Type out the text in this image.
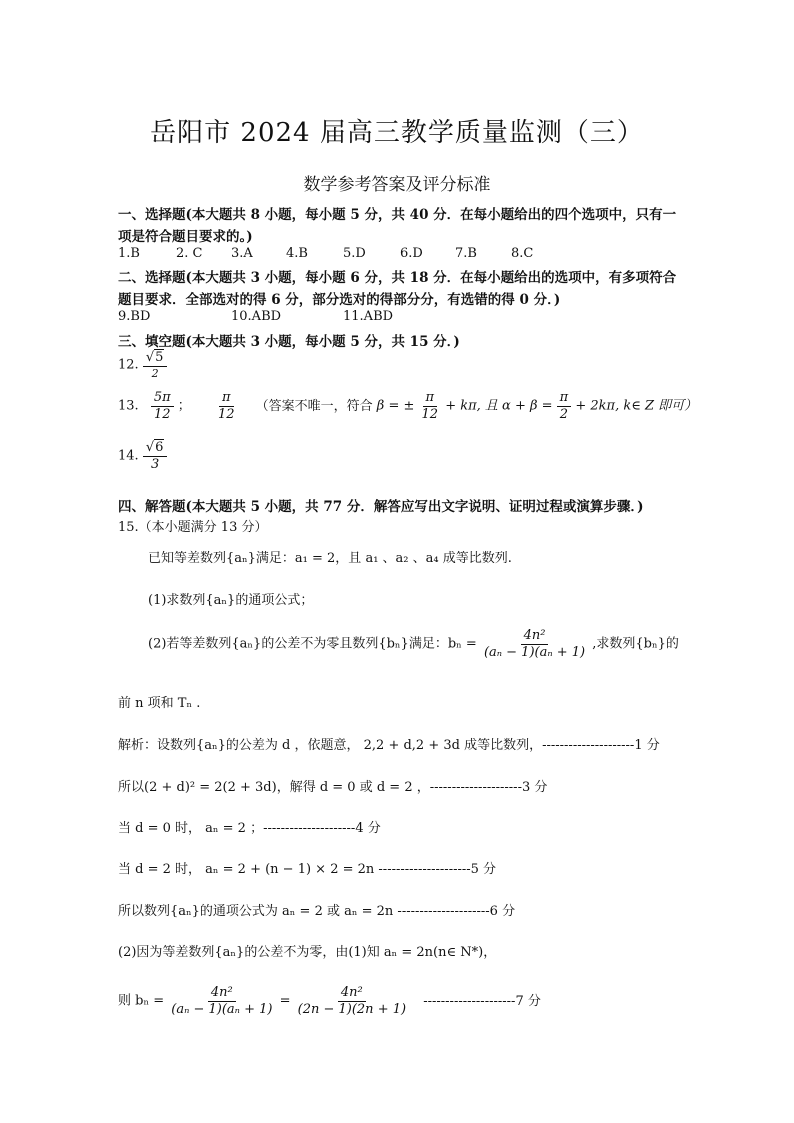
岳阳市 2024 届高三教学质量监测（三）
数学参考答案及评分标准
一、选择题(本大题共 8 小题，每小题 5 分，共 40 分．在每小题给出的四个选项中，只有一
项是符合题目要求的。)
1.B	2. C 3.A	4.B	5.D	6.D 7.B	8.C
二、选择题(本大题共 3 小题，每小题 6 分，共 18 分．在每小题给出的选项中，有多项符合
题目要求．全部选对的得 6 分，部分选对的得部分分，有选错的得 0 分．)
9.BD	10.ABD	11.ABD
三、填空题(本大题共 3 小题，每小题 5 分，共 15 分．)
12. $\frac{√5}{2}$
13. $\frac{5\pi}{12}$ ； $\frac{\pi}{12}$ （答案不唯一，符合 β = ± $\frac{\pi}{12} + k\pi$, 且 $\alpha + \beta = \frac{\pi}{2} + 2k\pi$, k∈ Z 即可）
14. $\frac{√6}{3}$
四、解答题(本大题共 5 小题，共 77 分．解答应写出文字说明、证明过程或演算步骤．)
15.（本小题满分 13 分）
已知等差数列{aₙ}满足：a₁ = 2，且 a₁ 、a₂ 、a₄ 成等比数列.
(1)求数列{aₙ}的通项公式；
(2)若等差数列{aₙ}的公差不为零且数列{bₙ}满足：$b_n = \frac{\text{4n²}}{\text{(aₙ − 1)(aₙ + 1)}}$ ,求数列{bₙ}的
前 n 项和 Tₙ .
解析：设数列{aₙ}的公差为 d ，依题意， 2,2 + d,2 + 3d 成等比数列，---------------------1 分
所以(2 + d)² = 2(2 + 3d)，解得 d = 0 或 d = 2 ，---------------------3 分
当 d = 0 时， aₙ = 2 ；---------------------4 分
当 d = 2 时， aₙ = 2 + (n − 1) × 2 = 2n ---------------------5 分
所以数列{aₙ}的通项公式为 aₙ = 2 或 aₙ = 2n ---------------------6 分
(2)因为等差数列{aₙ}的公差不为零，由(1)知 aₙ = 2n(n∈ N*)，
则 $b_n = \frac{\text{4n²}}{\text{(aₙ − 1)(aₙ + 1)}} = \frac{\text{4n²}}{(2n - 1)(2n + 1)} ---------------------7$ 分
